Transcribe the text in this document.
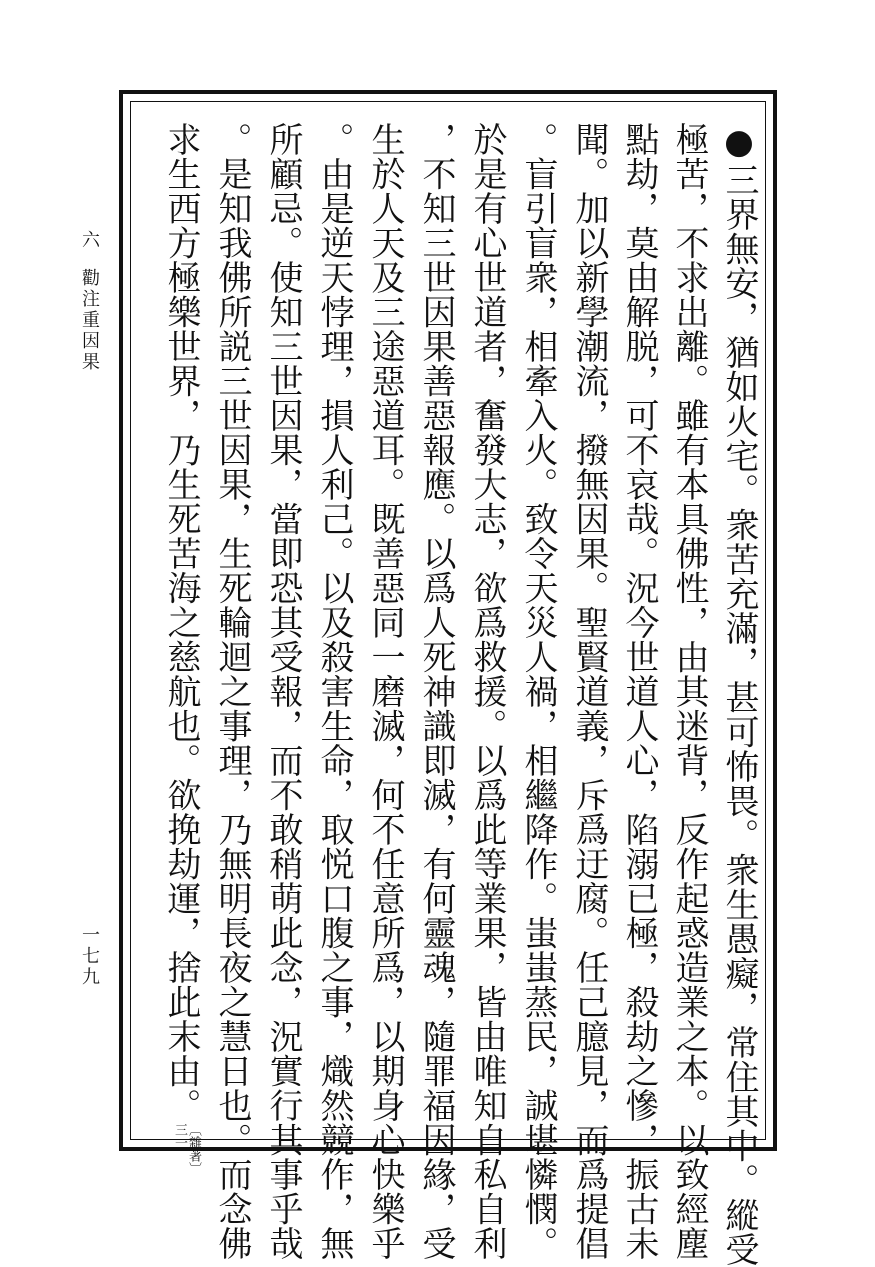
六
勸注重因果
一七九	●三界無安，猶如火宅。衆苦充滿，甚可怖畏。衆生愚癡，常住其中。縱受
極苦，不求出離。雖有本具佛性，由其迷背，反作起惑造業之本。以致經塵
點劫，莫由解脱，可不哀哉。況今世道人心，陷溺已極，殺劫之慘，振古未
聞。加以新學潮流，撥無因果。聖賢道義，斥爲迂腐。任己臆見，而爲提倡
。盲引盲衆，相牽入火。致令天災人禍，相繼降作。蚩蚩蒸民，誠堪憐憫。
於是有心世道者，奮發大志，欲爲救援。以爲此等業果，皆由唯知自私自利
，不知三世因果善惡報應。以爲人死神識即滅，有何靈魂，隨罪福因緣，受
生於人天及三途惡道耳。既善惡同一磨滅，何不任意所爲，以期身心快樂乎
。由是逆天悖理，損人利己。以及殺害生命，取悦口腹之事，熾然競作，無
所顧忌。使知三世因果，當即恐其受報，而不敢稍萌此念，況實行其事乎哉
。是知我佛所説三世因果，生死輪迴之事理，乃無明長夜之慧日也。而念佛
求生西方極樂世界，乃生死苦海之慈航也。欲挽劫運，捨此末由。
〔雜著〕
三一
